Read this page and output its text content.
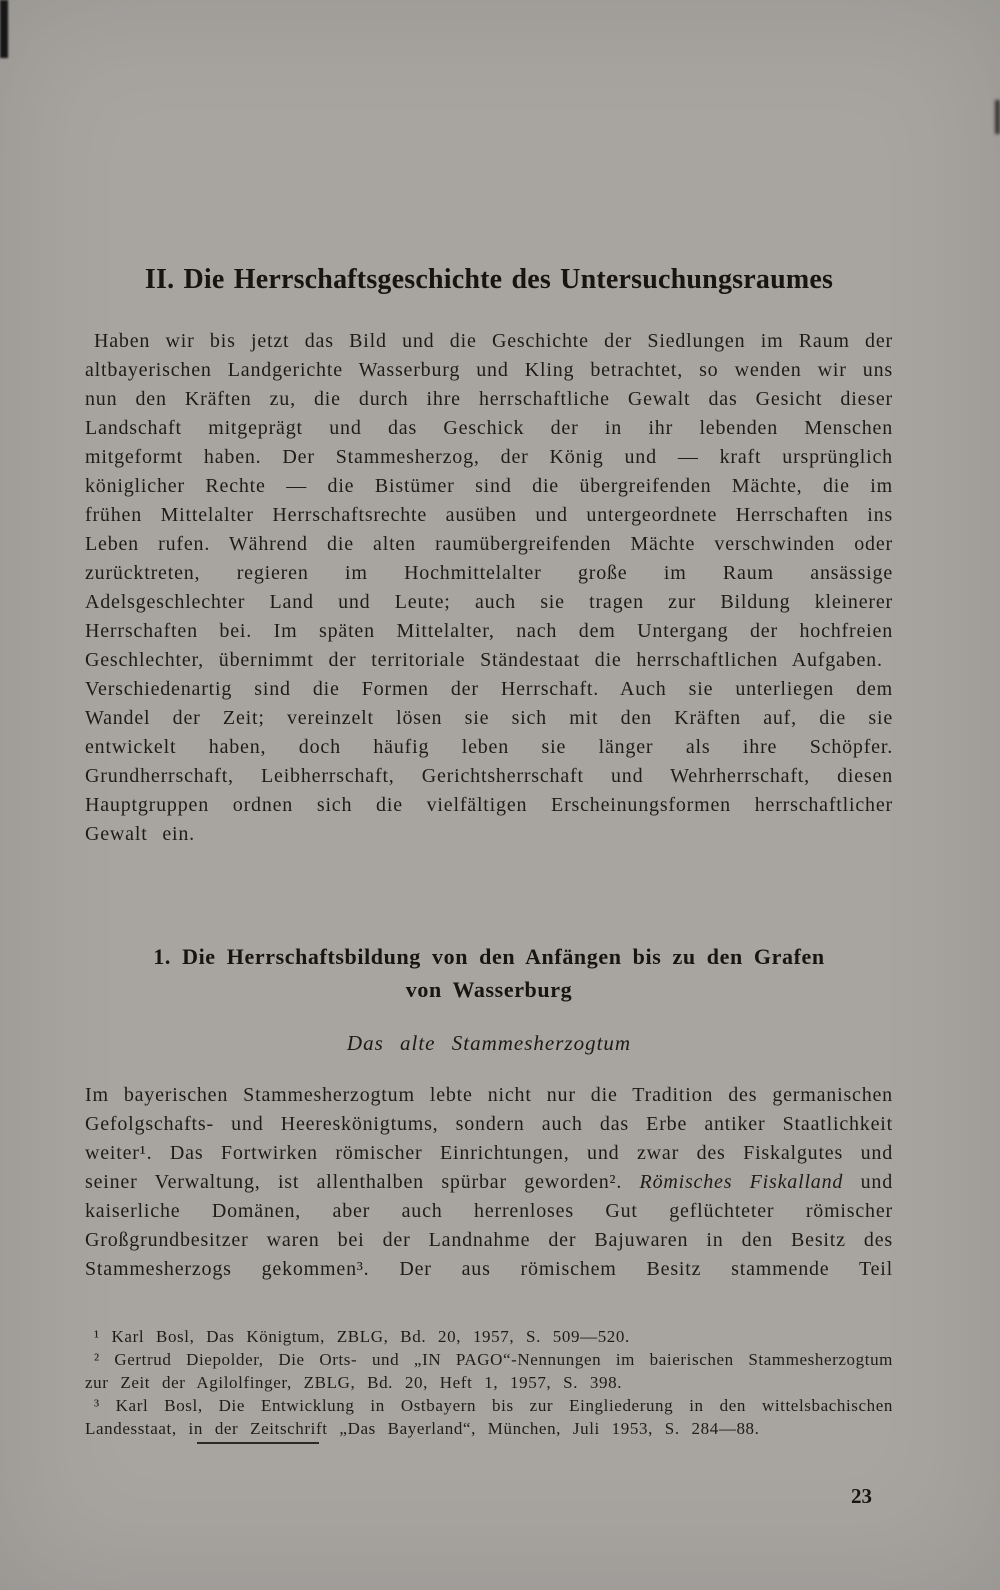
II. Die Herrschaftsgeschichte des Untersuchungsraumes

Haben wir bis jetzt das Bild und die Geschichte der Siedlungen im Raum der altbayerischen Landgerichte Wasserburg und Kling betrachtet, so wenden wir uns nun den Kräften zu, die durch ihre herrschaftliche Gewalt das Gesicht dieser Landschaft mitgeprägt und das Geschick der in ihr lebenden Menschen mitgeformt haben. Der Stammesherzog, der König und — kraft ursprünglich königlicher Rechte — die Bistümer sind die übergreifenden Mächte, die im frühen Mittelalter Herrschaftsrechte ausüben und untergeordnete Herrschaften ins Leben rufen. Während die alten raumübergreifenden Mächte verschwinden oder zurücktreten, regieren im Hochmittelalter große im Raum ansässige Adelsgeschlechter Land und Leute; auch sie tragen zur Bildung kleinerer Herrschaften bei. Im späten Mittelalter, nach dem Untergang der hochfreien Geschlechter, übernimmt der territoriale Ständestaat die herrschaftlichen Aufgaben.

Verschiedenartig sind die Formen der Herrschaft. Auch sie unterliegen dem Wandel der Zeit; vereinzelt lösen sie sich mit den Kräften auf, die sie entwickelt haben, doch häufig leben sie länger als ihre Schöpfer. Grundherrschaft, Leibherrschaft, Gerichtsherrschaft und Wehrherrschaft, diesen Hauptgruppen ordnen sich die vielfältigen Erscheinungsformen herrschaftlicher Gewalt ein.

1. Die Herrschaftsbildung von den Anfängen bis zu den Grafen
von Wasserburg
Das alte Stammesherzogtum

Im bayerischen Stammesherzogtum lebte nicht nur die Tradition des germanischen Gefolgschafts- und Heereskönigtums, sondern auch das Erbe antiker Staatlichkeit weiter¹. Das Fortwirken römischer Einrichtungen, und zwar des Fiskalgutes und seiner Verwaltung, ist allenthalben spürbar geworden². Römisches Fiskalland und kaiserliche Domänen, aber auch herrenloses Gut geflüchteter römischer Großgrundbesitzer waren bei der Landnahme der Bajuwaren in den Besitz des Stammesherzogs gekommen³. Der aus römischem Besitz stammende Teil

¹ Karl Bosl, Das Königtum, ZBLG, Bd. 20, 1957, S. 509—520.

² Gertrud Diepolder, Die Orts- und „IN PAGO“-Nennungen im baierischen Stammesherzogtum zur Zeit der Agilolfinger, ZBLG, Bd. 20, Heft 1, 1957, S. 398.

³ Karl Bosl, Die Entwicklung in Ostbayern bis zur Eingliederung in den wittelsbachischen Landesstaat, in der Zeitschrift „Das Bayerland“, München, Juli 1953, S. 284—88.

23
